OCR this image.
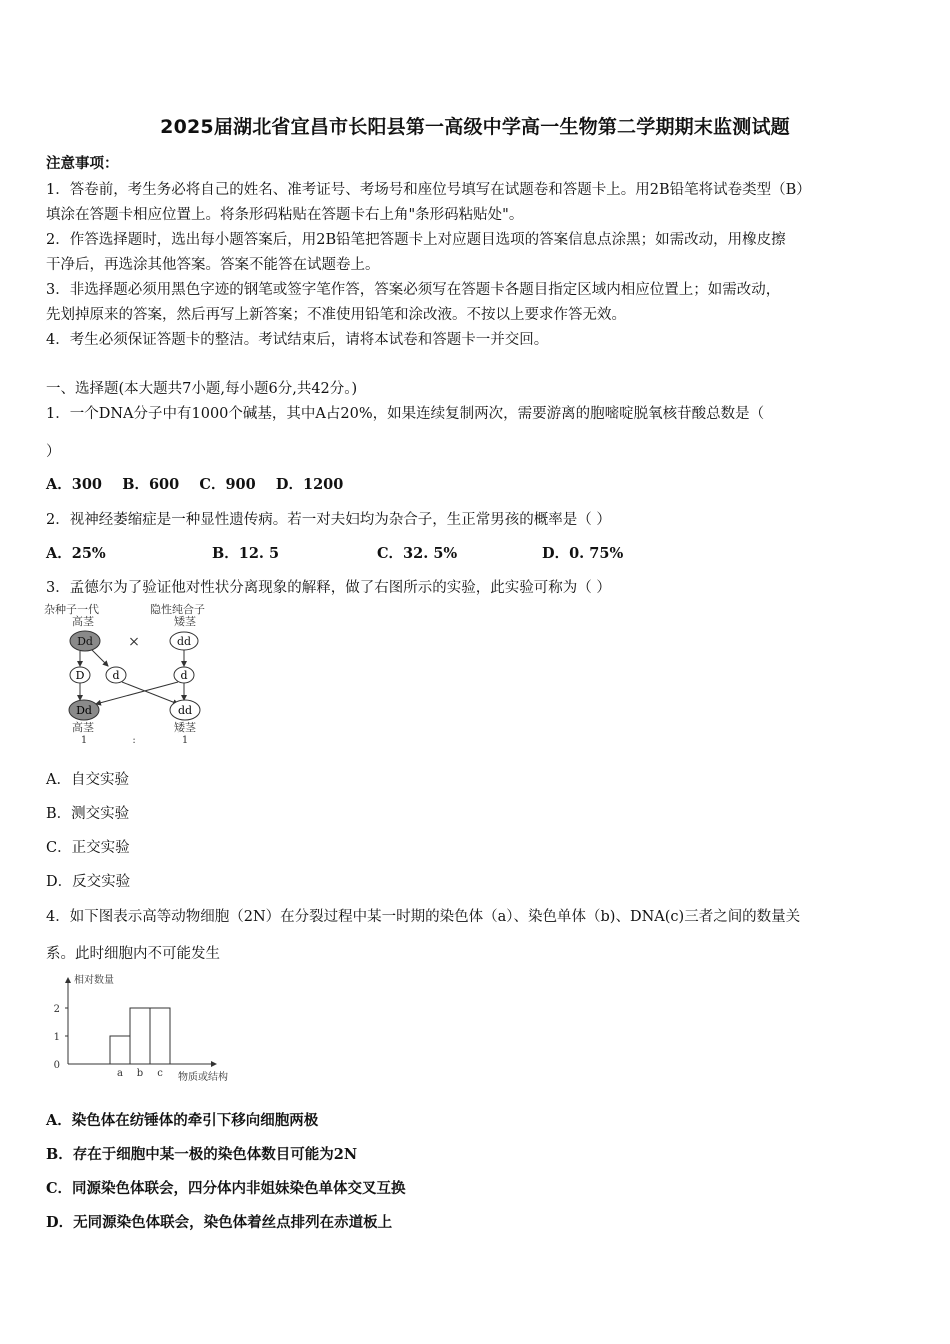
2025届湖北省宜昌市长阳县第一高级中学高一生物第二学期期末监测试题
注意事项：
1．答卷前，考生务必将自己的姓名、准考证号、考场号和座位号填写在试题卷和答题卡上。用2B铅笔将试卷类型（B）
填涂在答题卡相应位置上。将条形码粘贴在答题卡右上角"条形码粘贴处"。
2．作答选择题时，选出每小题答案后，用2B铅笔把答题卡上对应题目选项的答案信息点涂黑；如需改动，用橡皮擦
干净后，再选涂其他答案。答案不能答在试题卷上。
3．非选择题必须用黑色字迹的钢笔或签字笔作答，答案必须写在答题卡各题目指定区域内相应位置上；如需改动，
先划掉原来的答案，然后再写上新答案；不准使用铅笔和涂改液。不按以上要求作答无效。
4．考生必须保证答题卡的整洁。考试结束后，请将本试卷和答题卡一并交回。
一、选择题(本大题共7小题,每小题6分,共42分。)
1．一个DNA分子中有1000个碱基，其中A占20%，如果连续复制两次，需要游离的胞嘧啶脱氧核苷酸总数是（
）
A．300    B．600    C．900    D．1200
2．视神经萎缩症是一种显性遗传病。若一对夫妇均为杂合子，生正常男孩的概率是（ ）
A．25%	B．12. 5	C．32. 5%	D．0. 75%
3．孟德尔为了验证他对性状分离现象的解释，做了右图所示的实验，此实验可称为（ ）
杂种子一代	隐性纯合子
高茎	矮茎
Dd	×	dd
D	d	d
Dd	dd
高茎	矮茎
1	:	1
A．自交实验
B．测交实验
C．正交实验
D．反交实验
4．如下图表示高等动物细胞（2N）在分裂过程中某一时期的染色体（a）、染色单体（b)、DNA(c)三者之间的数量关
系。此时细胞内不可能发生
相对数量
物质或结构
0
1
2
a b c
A．染色体在纺锤体的牵引下移向细胞两极
B．存在于细胞中某一极的染色体数目可能为2N
C．同源染色体联会，四分体内非姐妹染色单体交叉互换
D．无同源染色体联会，染色体着丝点排列在赤道板上
